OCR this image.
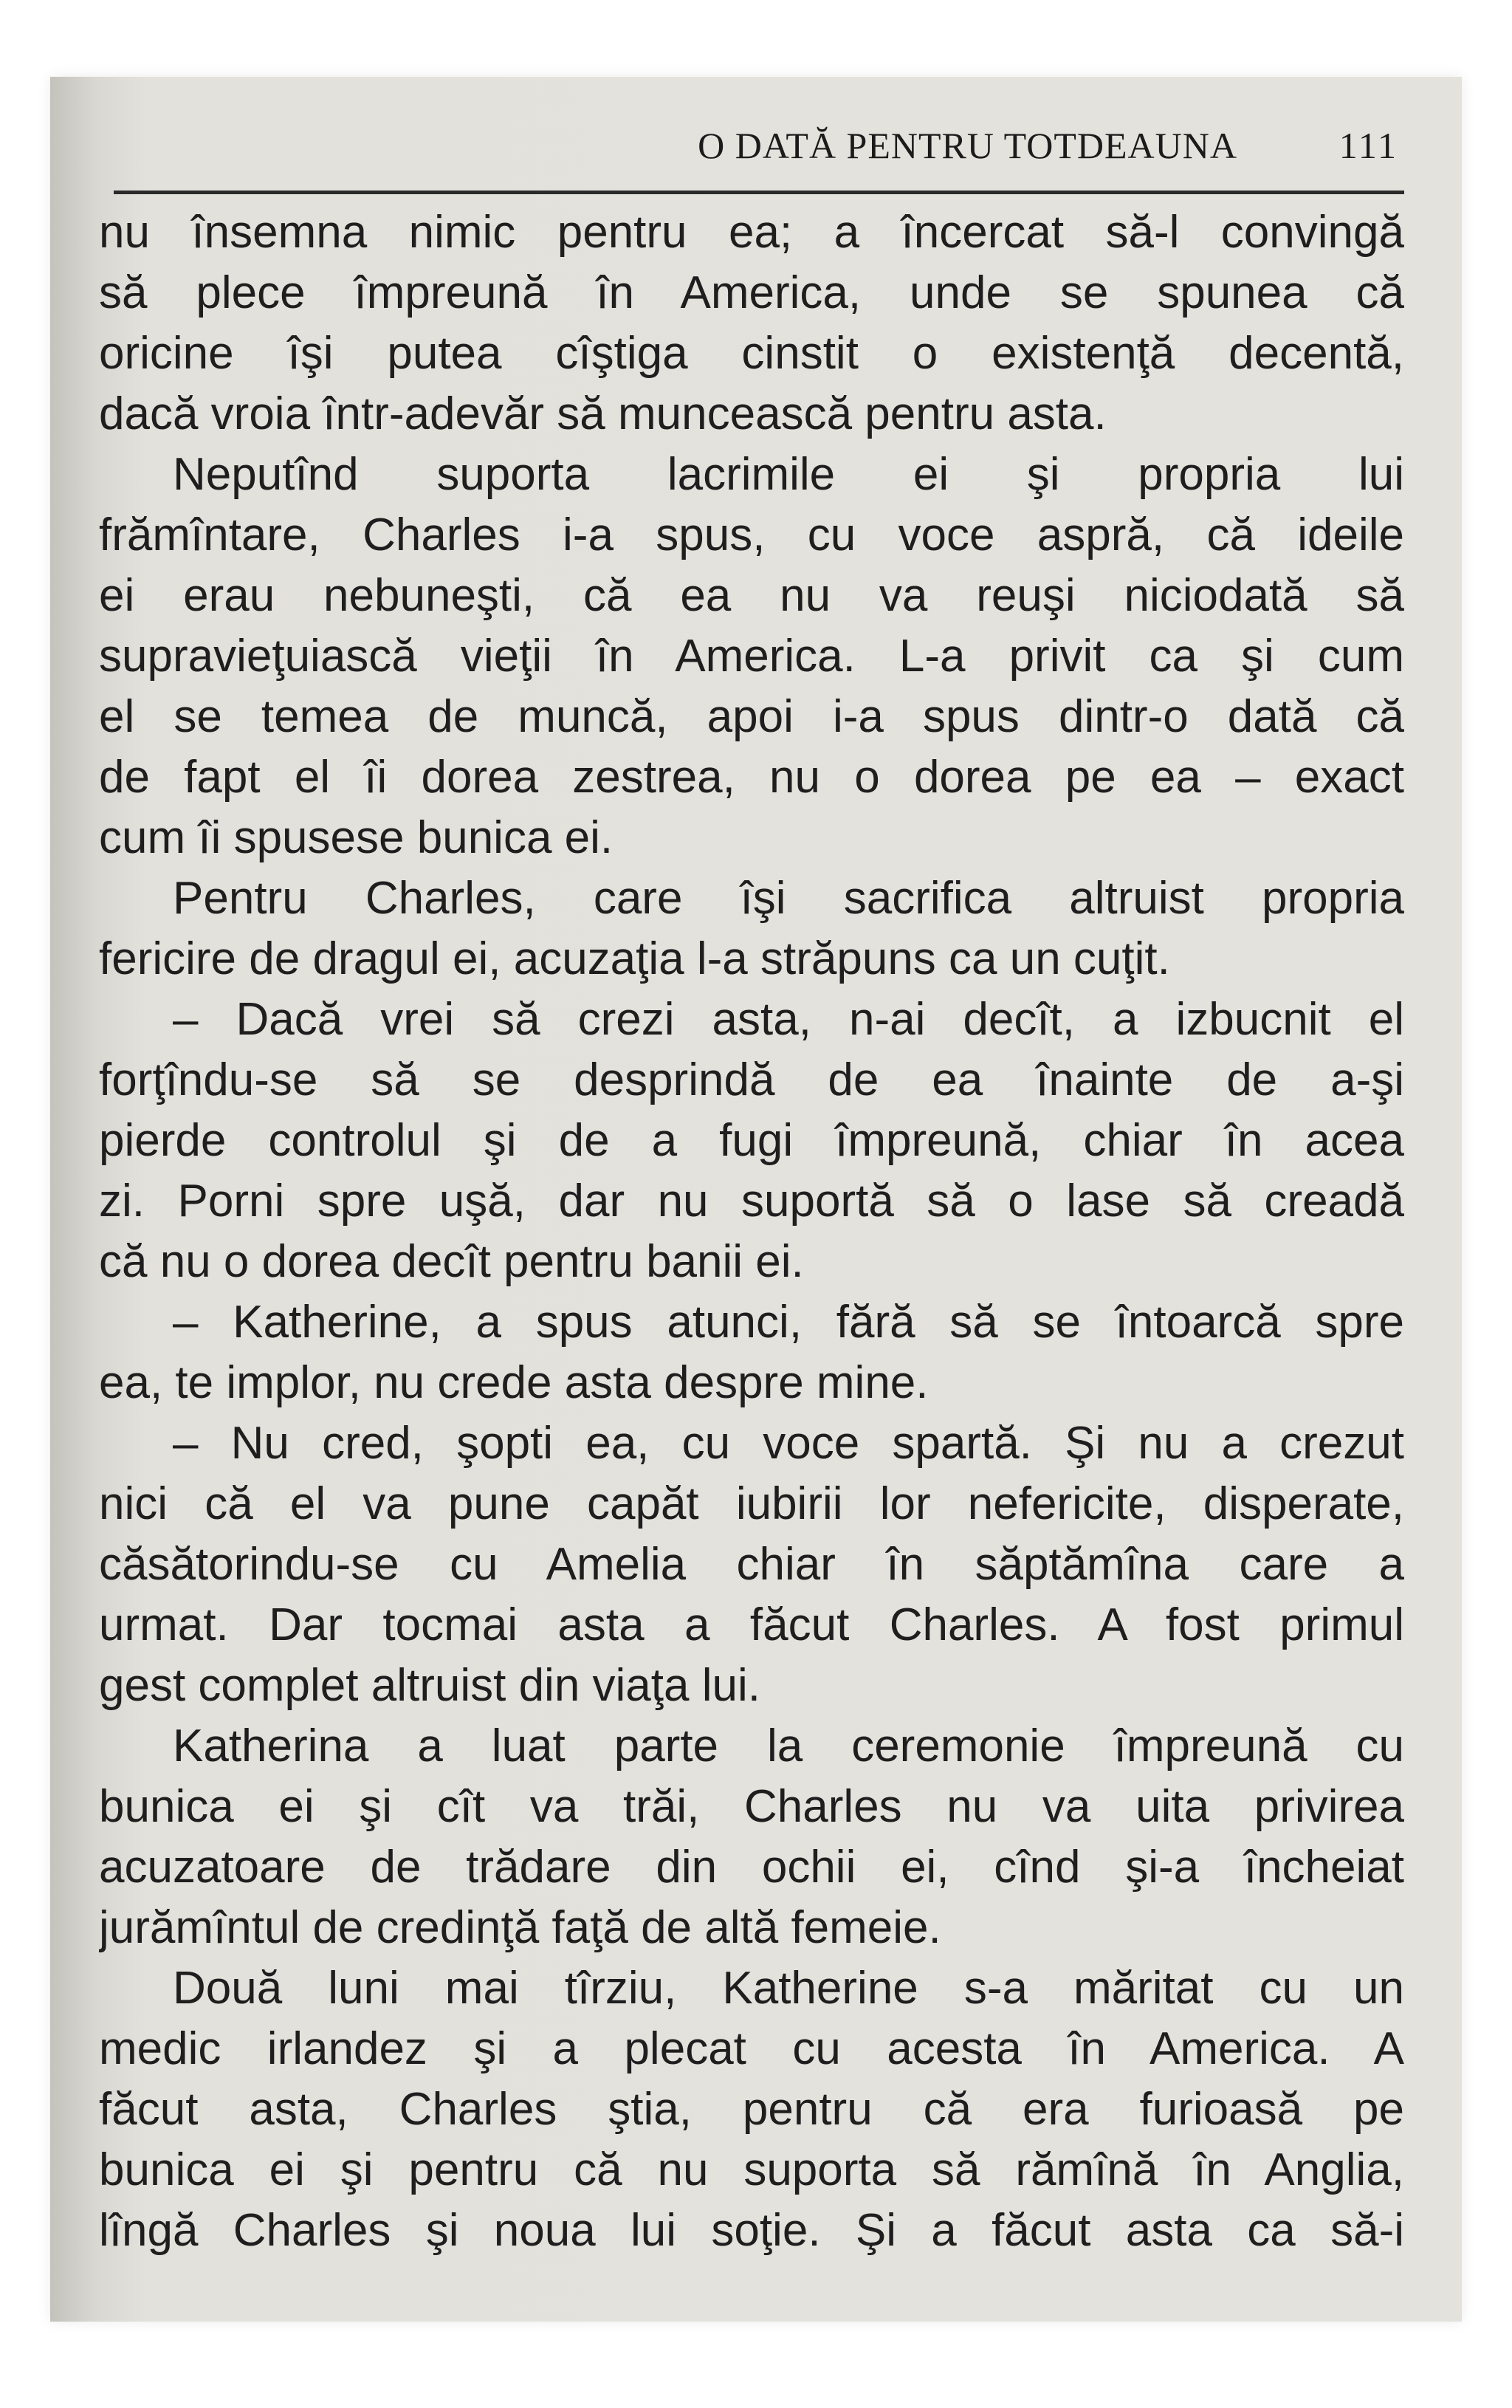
O DATĂ PENTRU TOTDEAUNA	111
nu însemna nimic pentru ea; a încercat să-l convingă
să plece împreună în America, unde se spunea că
oricine îşi putea cîştiga cinstit o existenţă decentă,
dacă vroia într-adevăr să muncească pentru asta.
Neputînd suporta lacrimile ei şi propria lui
frămîntare, Charles i-a spus, cu voce aspră, că ideile
ei erau nebuneşti, că ea nu va reuşi niciodată să
supravieţuiască vieţii în America. L-a privit ca şi cum
el se temea de muncă, apoi i-a spus dintr-o dată că
de fapt el îi dorea zestrea, nu o dorea pe ea – exact
cum îi spusese bunica ei.
Pentru Charles, care îşi sacrifica altruist propria
fericire de dragul ei, acuzaţia l-a străpuns ca un cuţit.
– Dacă vrei să crezi asta, n-ai decît, a izbucnit el
forţîndu-se să se desprindă de ea înainte de a-şi
pierde controlul şi de a fugi împreună, chiar în acea
zi. Porni spre uşă, dar nu suportă să o lase să creadă
că nu o dorea decît pentru banii ei.
– Katherine, a spus atunci, fără să se întoarcă spre
ea, te implor, nu crede asta despre mine.
– Nu cred, şopti ea, cu voce spartă. Şi nu a crezut
nici că el va pune capăt iubirii lor nefericite, disperate,
căsătorindu-se cu Amelia chiar în săptămîna care a
urmat. Dar tocmai asta a făcut Charles. A fost primul
gest complet altruist din viaţa lui.
Katherina a luat parte la ceremonie împreună cu
bunica ei şi cît va trăi, Charles nu va uita privirea
acuzatoare de trădare din ochii ei, cînd şi-a încheiat
jurămîntul de credinţă faţă de altă femeie.
Două luni mai tîrziu, Katherine s-a măritat cu un
medic irlandez şi a plecat cu acesta în America. A
făcut asta, Charles ştia, pentru că era furioasă pe
bunica ei şi pentru că nu suporta să rămînă în Anglia,
lîngă Charles şi noua lui soţie. Şi a făcut asta ca să-i
